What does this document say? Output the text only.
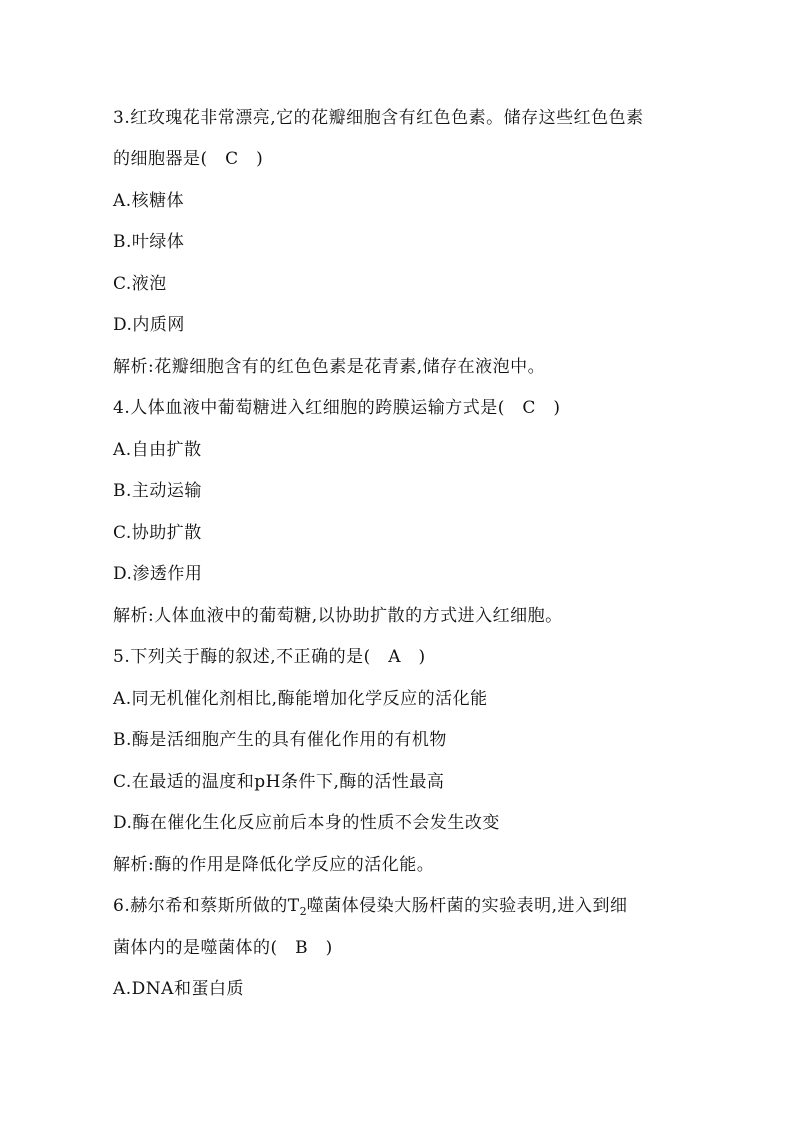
3.红玫瑰花非常漂亮,它的花瓣细胞含有红色色素。储存这些红色色素
的细胞器是(　C　)
A.核糖体
B.叶绿体
C.液泡
D.内质网
解析:花瓣细胞含有的红色色素是花青素,储存在液泡中。
4.人体血液中葡萄糖进入红细胞的跨膜运输方式是(　C　)
A.自由扩散
B.主动运输
C.协助扩散
D.渗透作用
解析:人体血液中的葡萄糖,以协助扩散的方式进入红细胞。
5.下列关于酶的叙述,不正确的是(　A　)
A.同无机催化剂相比,酶能增加化学反应的活化能
B.酶是活细胞产生的具有催化作用的有机物
C.在最适的温度和pH条件下,酶的活性最高
D.酶在催化生化反应前后本身的性质不会发生改变
解析:酶的作用是降低化学反应的活化能。
6.赫尔希和蔡斯所做的$T_2$噬菌体侵染大肠杆菌的实验表明,进入到细
菌体内的是噬菌体的(　B　)
A.DNA和蛋白质
